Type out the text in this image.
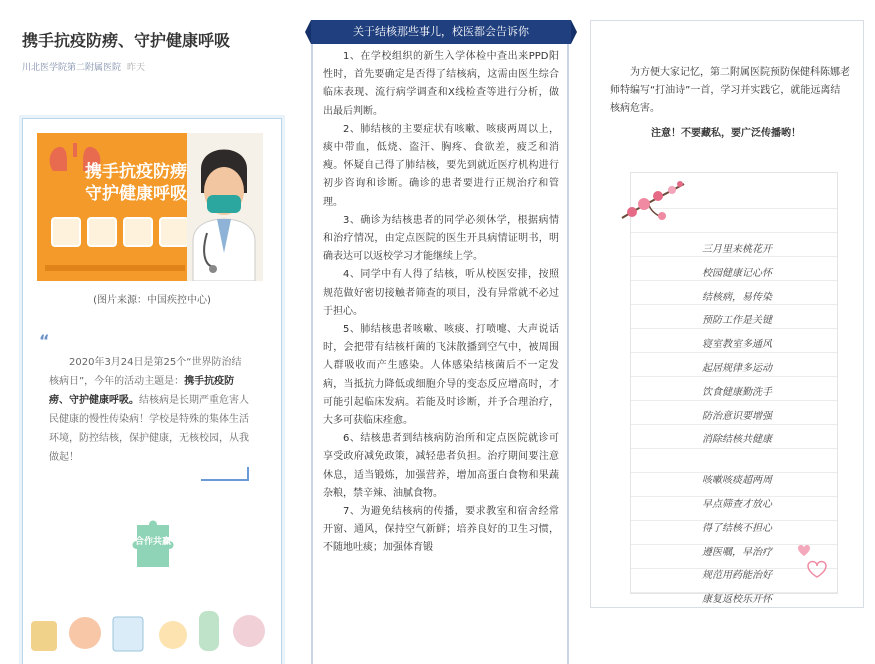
携手抗疫防痨、守护健康呼吸
川北医学院第二附属医院 昨天
携手抗疫防痨
守护健康呼吸
(图片来源：中国疾控中心)
“
2020年3月24日是第25个“世界防治结核病日”，今年的活动主题是：携手抗疫防痨、守护健康呼吸。结核病是长期严重危害人民健康的慢性传染病！学校是特殊的集体生活环境，防控结核，保护健康，无核校园，从我做起！
合作共赢
关于结核那些事儿，校医都会告诉你

1、在学校组织的新生入学体检中查出来PPD阳性时，首先要确定是否得了结核病，这需由医生综合临床表现、流行病学调查和X线检查等进行分析，做出最后判断。

2、肺结核的主要症状有咳嗽、咳痰两周以上，痰中带血，低烧、盗汗、胸疼、食欲差，疲乏和消瘦。怀疑自己得了肺结核，要先到就近医疗机构进行初步咨询和诊断。确诊的患者要进行正规治疗和管理。

3、确诊为结核患者的同学必须休学，根据病情和治疗情况，由定点医院的医生开具病情证明书，明确表达可以返校学习才能继续上学。

4、同学中有人得了结核，听从校医安排，按照规范做好密切接触者筛查的项目，没有异常就不必过于担心。

5、肺结核患者咳嗽、咳痰、打喷嚏、大声说话时，会把带有结核杆菌的飞沫散播到空气中，被周围人群吸收而产生感染。人体感染结核菌后不一定发病，当抵抗力降低或细胞介导的变态反应增高时，才可能引起临床发病。若能及时诊断，并予合理治疗，大多可获临床痊愈。

6、结核患者到结核病防治所和定点医院就诊可享受政府减免政策，减轻患者负担。治疗期间要注意休息，适当锻炼，加强营养，增加高蛋白食物和果蔬杂粮，禁辛辣、油腻食物。

7、为避免结核病的传播，要求教室和宿舍经常开窗、通风，保持空气新鲜；培养良好的卫生习惯，不随地吐痰；加强体育锻

为方便大家记忆，第二附属医院预防保健科陈娜老师特编写“打油诗”一首，学习并实践它，就能远离结核病危害。
注意！不要藏私，要广泛传播哟！
三月里来桃花开
校园健康记心怀
结核病，易传染
预防工作是关键
寝室教室多通风
起居规律多运动
饮食健康勤洗手
防治意识要增强
消除结核共健康
咳嗽咳痰超两周
早点筛查才放心
得了结核不担心
遵医嘱，早治疗
规范用药能治好
康复返校乐开怀
